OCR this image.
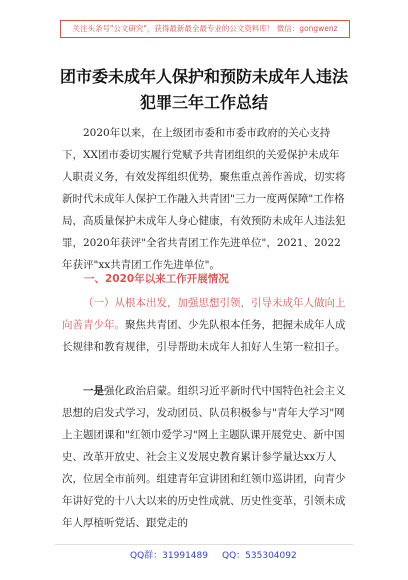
关注头条号"公文研究"，获得最新最全最专业的公文资料库！ 微信：gongwenz
团市委未成年人保护和预防未成年人违法
犯罪三年工作总结
2020年以来，在上级团市委和市委市政府的关心支持下，XX团市委切实履行党赋予共青团组织的关爱保护未成年人职责义务，有效发挥组织优势，聚焦重点善作善成，切实将新时代未成年人保护工作融入共青团"三力一度两保障"工作格局，高质量保护未成年人身心健康，有效预防未成年人违法犯罪，2020年获评"全省共青团工作先进单位"，2021、2022年获评"xx共青团工作先进单位"。
一、2020年以来工作开展情况
（一）从根本出发，加强思想引领，引导未成年人做向上向善青少年。聚焦共青团、少先队根本任务，把握未成年人成长规律和教育规律，引导帮助未成年人扣好人生第一粒扣子。
一是强化政治启蒙。组织习近平新时代中国特色社会主义思想的启发式学习，发动团员、队员积极参与"青年大学习"网上主题团课和"红领巾爱学习"网上主题队课开展党史、新中国史、改革开放史、社会主义发展史教育累计参学量达xx万人次，位居全市前列。组建青年宣讲团和红领巾巡讲团，向青少年讲好党的十八大以来的历史性成就、历史性变革，引领未成年人厚植听党话、跟党走的
QQ群：31991489 QQ：535304092
